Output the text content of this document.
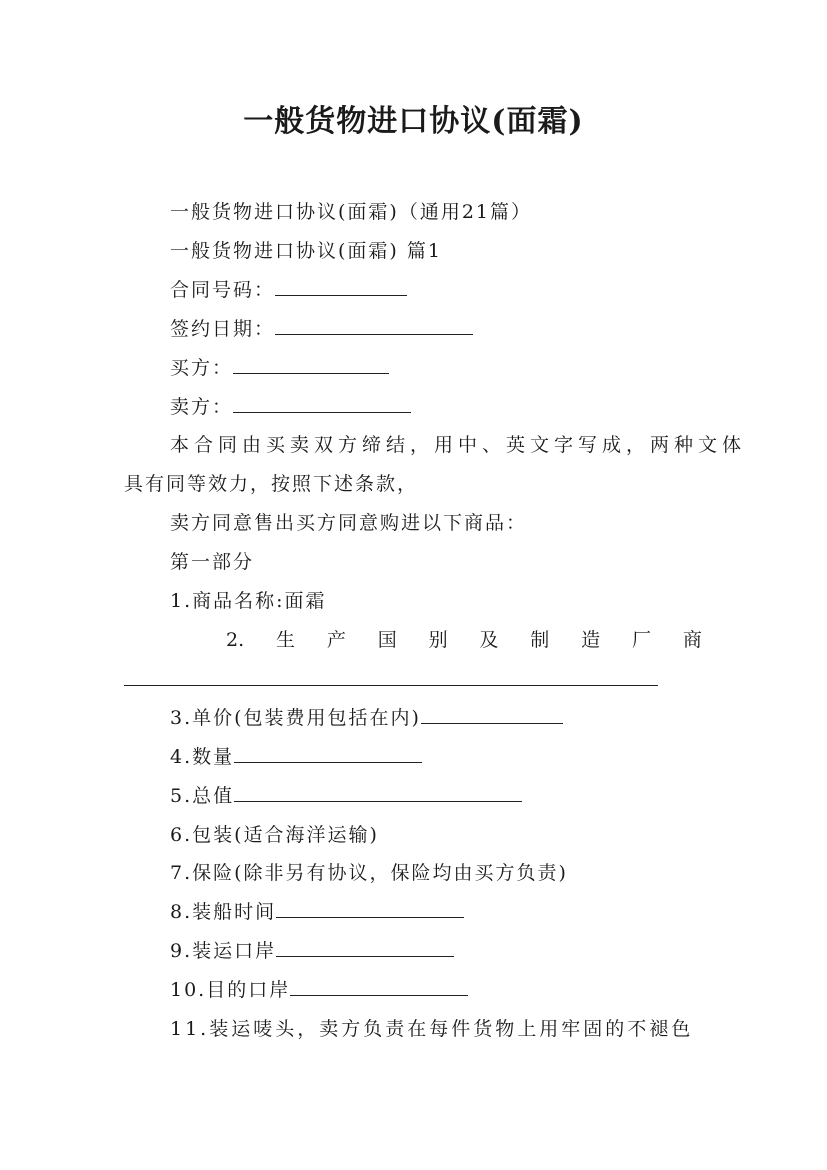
一般货物进口协议(面霜)
一般货物进口协议(面霜)（通用21篇）
一般货物进口协议(面霜) 篇1
合同号码：
签约日期：
买方：
卖方：
本合同由买卖双方缔结，用中、英文字写成，两种文体
具有同等效力，按照下述条款，
卖方同意售出买方同意购进以下商品：
第一部分
1.商品名称:面霜
2. 生 产 国 别 及 制 造 厂 商
3.单价(包装费用包括在内)
4.数量
5.总值
6.包装(适合海洋运输)
7.保险(除非另有协议，保险均由买方负责)
8.装船时间
9.装运口岸
10.目的口岸
11.装运唛头，卖方负责在每件货物上用牢固的不褪色
